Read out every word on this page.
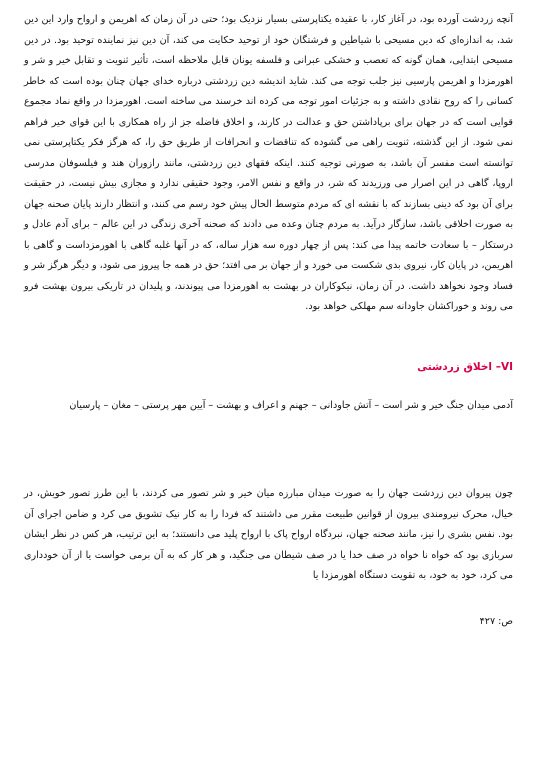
آنچه زردشت آورده بود، در آغاز کار، با عقیده یکتاپرستی بسیار نزدیک بود؛ حتی در آن زمان که اهریمن و ارواح وارد این دین شد، به اندازه‌ای که دین مسیحی با شیاطین و فرشتگان خود از توحید حکایت می کند، آن دین نیز نماینده توحید بود. در دین مسیحی ابتدایی، همان گونه که تعصب و خشکی عبرانی و فلسفه یونان قابل ملاحظه است، تأثیر ثنویت و تقابل خیر و شر و اهورمزدا و اهریمن پارسیی نیز جلب توجه می کند. شاید اندیشه دین زردشتی درباره خدای جهان چنان بوده است که خاطر کسانی را که روح نقادی داشته و به جزئیات امور توجه می کرده اند خرسند می ساخته است. اهورمزدا در واقع نماد مجموع قوایی است که در جهان برای برپاداشتن حق و عدالت در کارند، و اخلاق فاضله جز از راه همکاری با این قوای خیر فراهم نمی شود. از این گذشته، ثنویت راهی می گشوده که تناقضات و انحرافات از طریق حق را، که هرگز فکر یکتاپرستی نمی توانسته است مفسر آن باشد، به صورتی توجیه کنند. اینکه فقهای دین زردشتی، مانند رازوران هند و فیلسوفان مدرسی اروپا، گاهی در این اصرار می ورزیدند که شر، در واقع و نفس الامر، وجود حقیقی ندارد و مجازی بیش نیست، در حقیقت برای آن بود که دینی بسازند که با نقشه ای که مردم متوسط الحال پیش خود رسم می کنند، و انتظار دارند پایان صحنه جهان به صورت اخلاقی باشد، سازگار درآید. به مردم چنان وعده می دادند که صحنه آخری زندگی در این عالم – برای آدم عادل و درستکار – با سعادت خاتمه پیدا می کند: پس از چهار دوره سه هزار ساله، که در آنها غلبه گاهی با اهورمزداست و گاهی با اهریمن، در پایان کار، نیروی بدی شکست می خورد و از جهان بر می افتد؛ حق در همه جا پیروز می شود، و دیگر هرگز شر و فساد وجود نخواهد داشت. در آن زمان، نیکوکاران در بهشت به اهورمزدا می پیوندند، و پلیدان در تاریکی بیرون بهشت فرو می روند و خوراکشان جاودانه سم مهلکی خواهد بود.

VI– اخلاق زردشتی

آدمی میدان جنگ خیر و شر است – آتش جاودانی – جهنم و اعراف و بهشت – آیین مهر پرستی – مغان – پارسیان

چون پیروان دین زردشت جهان را به صورت میدان مبارزه میان خیر و شر تصور می کردند، با این طرز تصور خویش، در خیال، محرک نیرومندی بیرون از قوانین طبیعت مقرر می داشتند که فردا را به کار نیک تشویق می کرد و ضامن اجرای آن بود. نفس بشری را نیز، مانند صحنه جهان، نبردگاه ارواح پاک با ارواح پلید می دانستند؛ به این ترتیب، هر کس در نظر ایشان سربازی بود که خواه نا خواه در صف خدا یا در صف شیطان می جنگید، و هر کار که به آن برمی خواست یا از آن خودداری می کرد، خود به خود، به تقویت دستگاه اهورمزدا یا

ص: ۴۲۷
